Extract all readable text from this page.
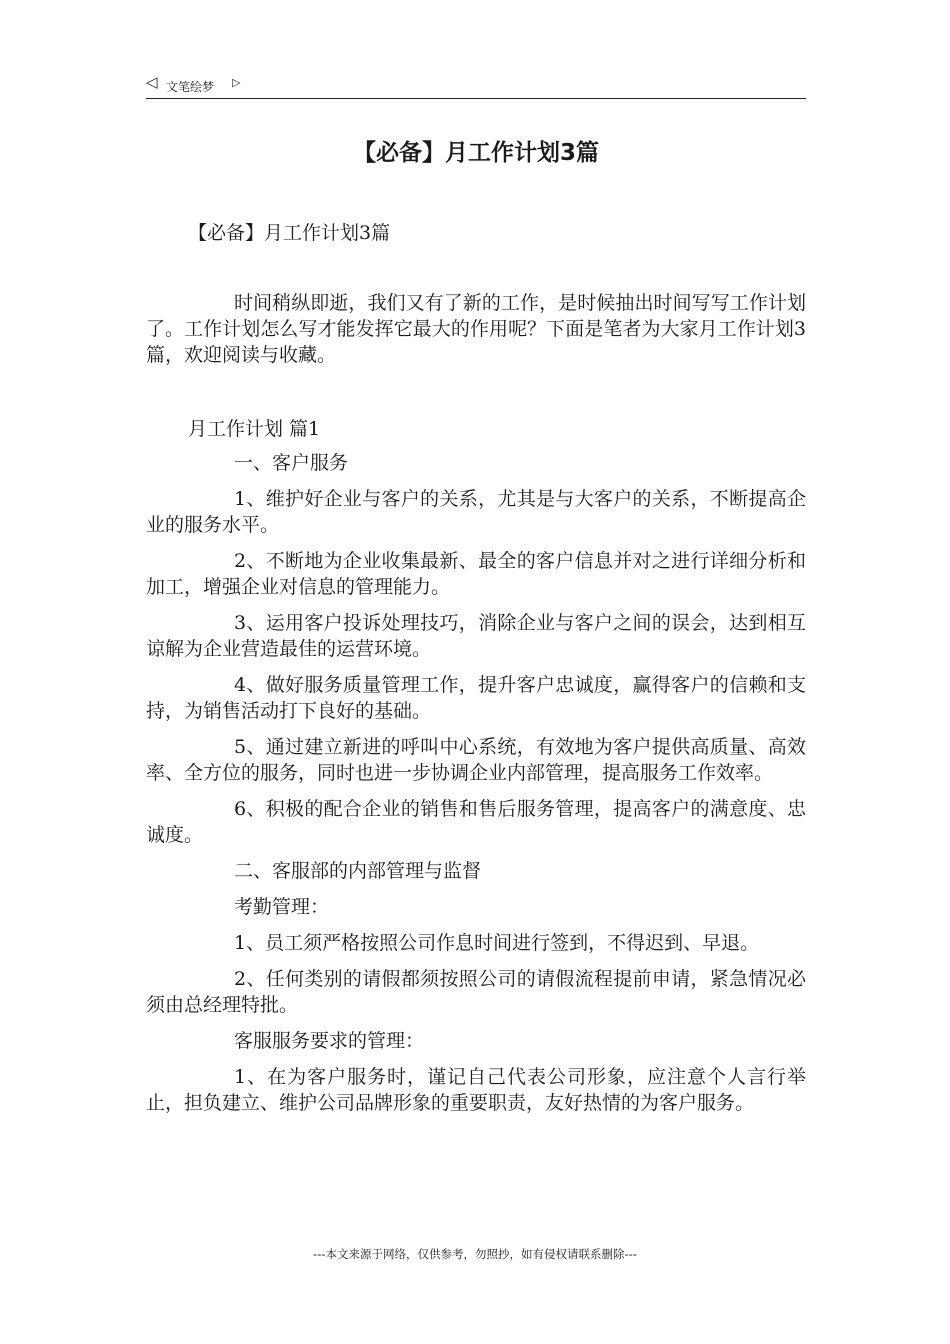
◁ 文笔绘梦 ▷
【必备】月工作计划3篇

【必备】月工作计划3篇

时间稍纵即逝，我们又有了新的工作，是时候抽出时间写写工作计划了。工作计划怎么写才能发挥它最大的作用呢？下面是笔者为大家月工作计划3篇，欢迎阅读与收藏。

月工作计划 篇1

一、客户服务

1、维护好企业与客户的关系，尤其是与大客户的关系，不断提高企业的服务水平。

2、不断地为企业收集最新、最全的客户信息并对之进行详细分析和加工，增强企业对信息的管理能力。

3、运用客户投诉处理技巧，消除企业与客户之间的误会，达到相互谅解为企业营造最佳的运营环境。

4、做好服务质量管理工作，提升客户忠诚度，赢得客户的信赖和支持，为销售活动打下良好的基础。

5、通过建立新进的呼叫中心系统，有效地为客户提供高质量、高效率、全方位的服务，同时也进一步协调企业内部管理，提高服务工作效率。

6、积极的配合企业的销售和售后服务管理，提高客户的满意度、忠诚度。

二、客服部的内部管理与监督

考勤管理：

1、员工须严格按照公司作息时间进行签到，不得迟到、早退。

2、任何类别的请假都须按照公司的请假流程提前申请，紧急情况必须由总经理特批。

客服服务要求的管理：

1、在为客户服务时，谨记自己代表公司形象，应注意个人言行举止，担负建立、维护公司品牌形象的重要职责，友好热情的为客户服务。

---本文来源于网络，仅供参考，勿照抄，如有侵权请联系删除---
